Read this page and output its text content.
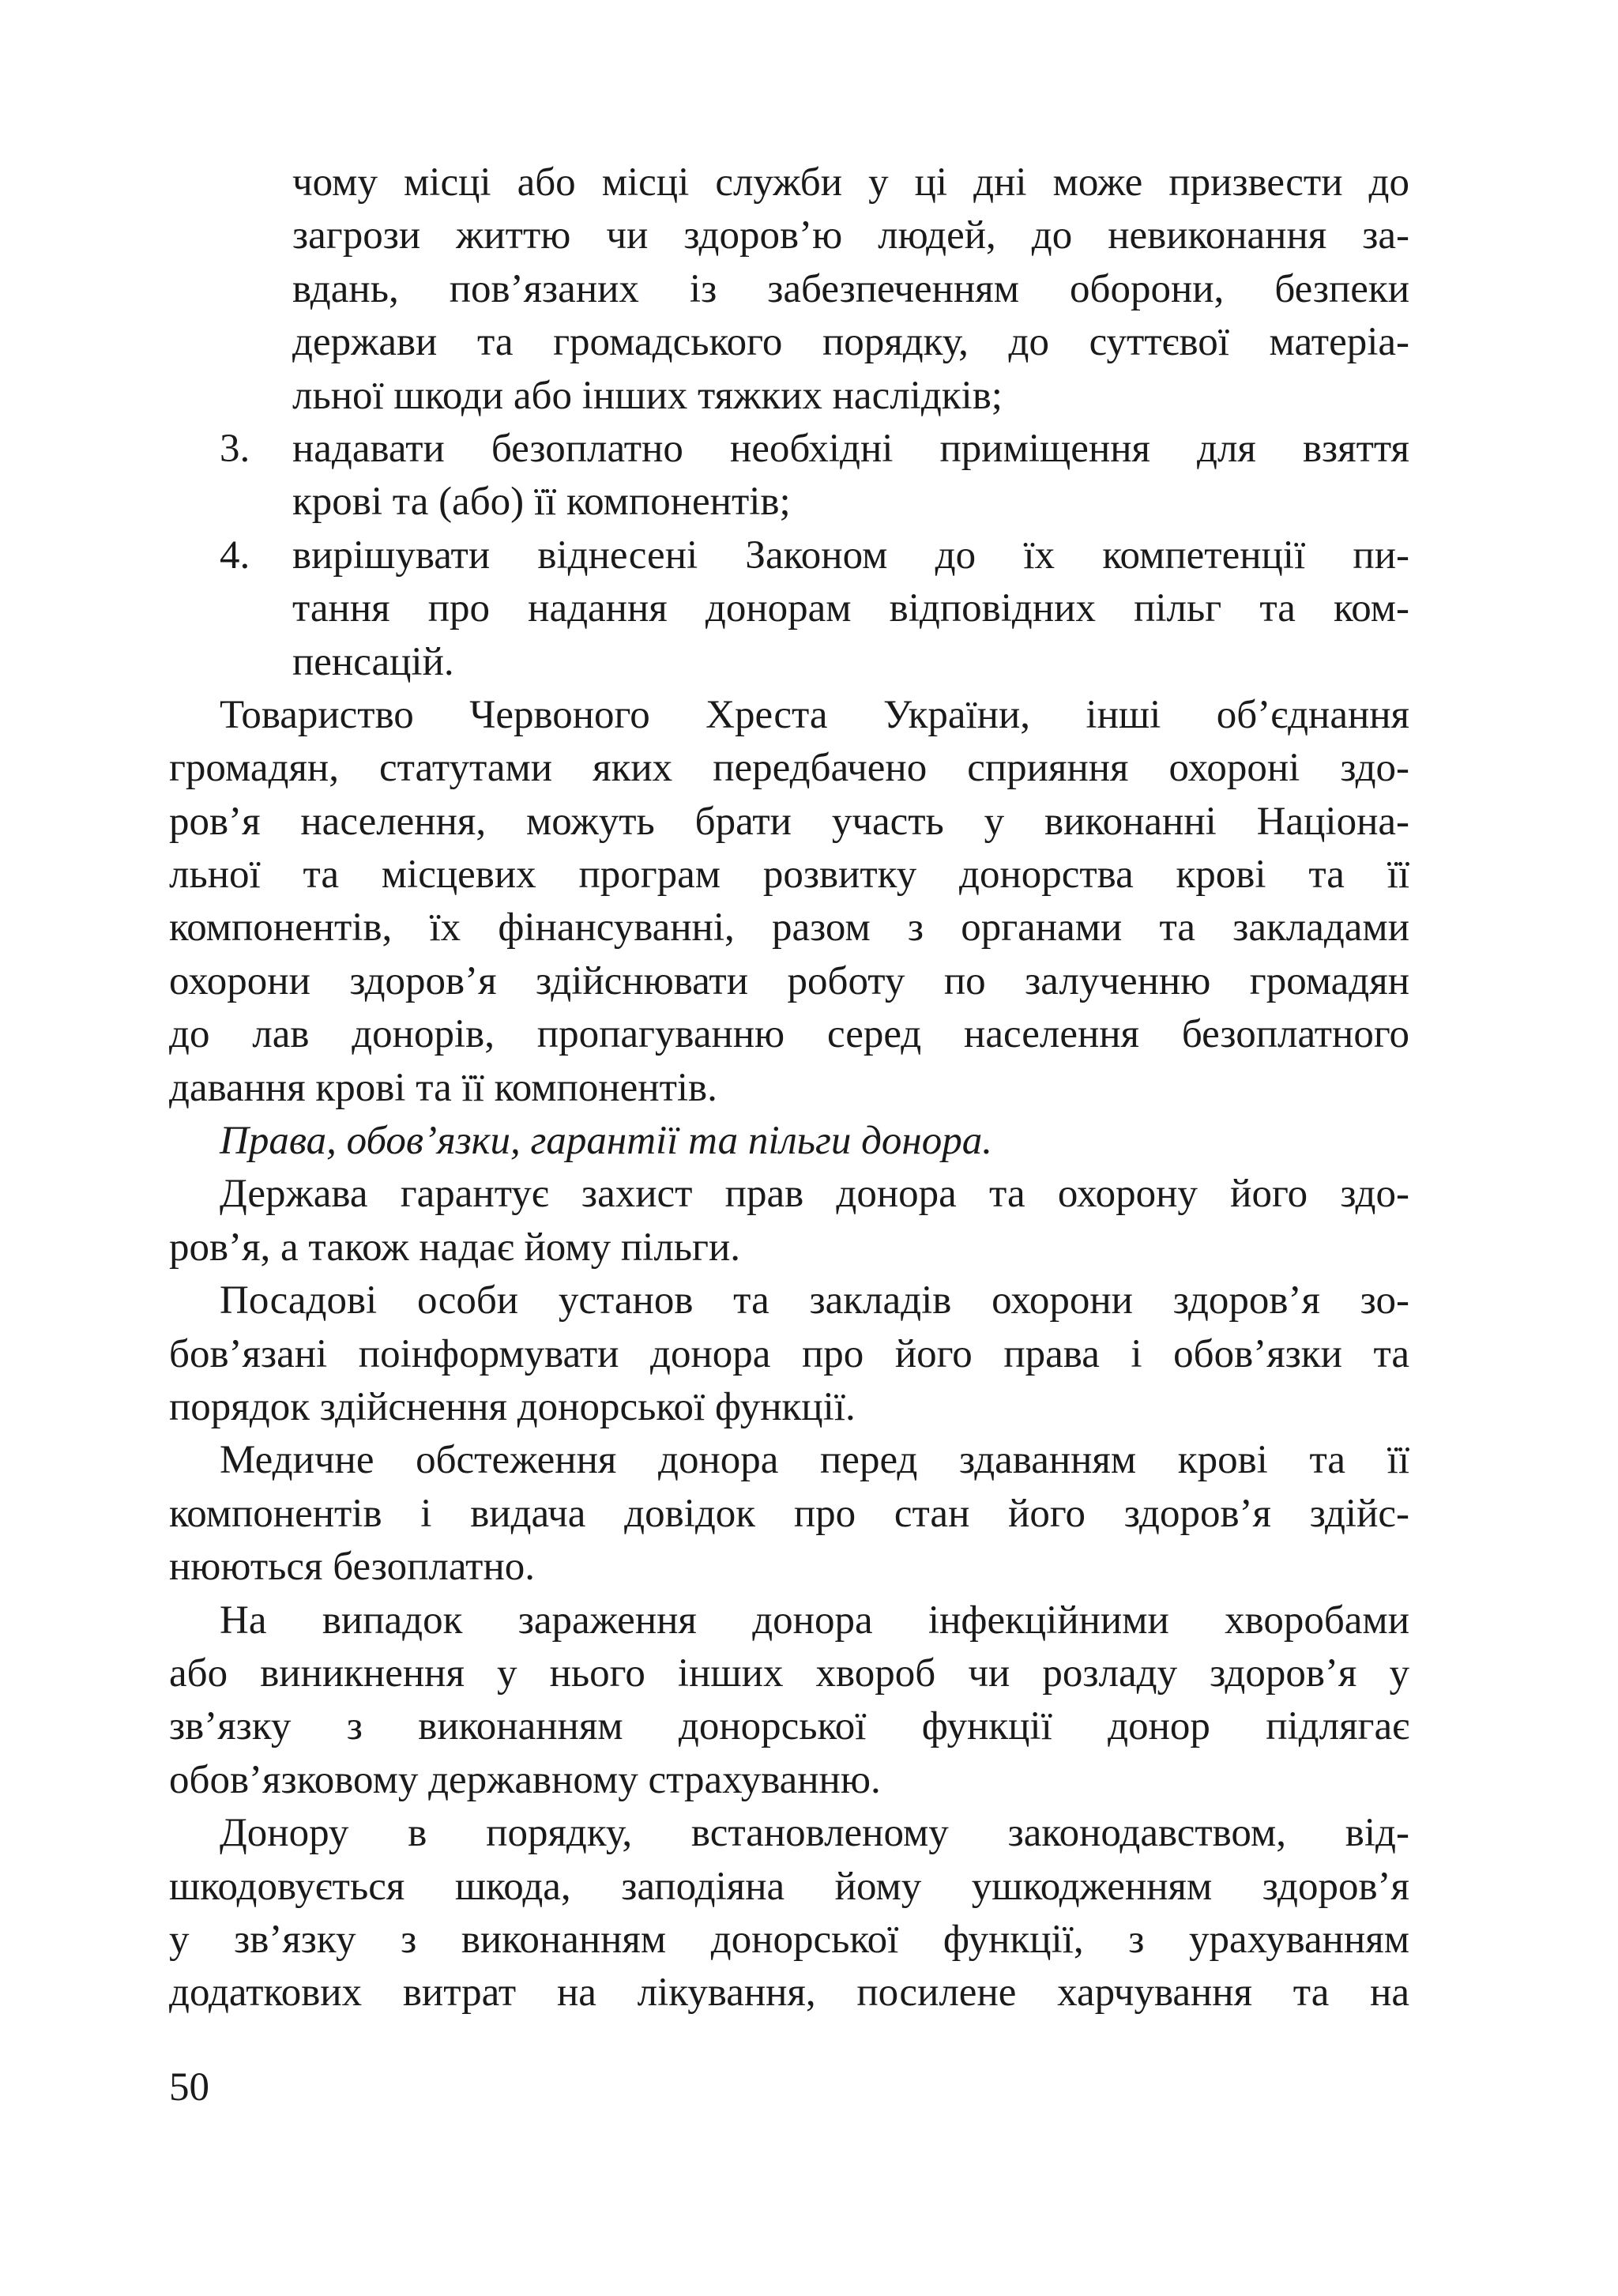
чому місці або місці служби у ці дні може призвести до
загрози життю чи здоров’ю людей, до невиконання за-
вдань, пов’язаних із забезпеченням оборони, безпеки
держави та громадського порядку, до суттєвої матеріа-
льної шкоди або інших тяжких наслідків;
3.	надавати безоплатно необхідні приміщення для взяття
крові та (або) її компонентів;
4.	вирішувати віднесені Законом до їх компетенції пи-
тання про надання донорам відповідних пільг та ком-
пенсацій.
Товариство Червоного Хреста України, інші об’єднання
громадян, статутами яких передбачено сприяння охороні здо-
ров’я населення, можуть брати участь у виконанні Націона-
льної та місцевих програм розвитку донорства крові та її
компонентів, їх фінансуванні, разом з органами та закладами
охорони здоров’я здійснювати роботу по залученню громадян
до лав донорів, пропагуванню серед населення безоплатного
давання крові та її компонентів.
Права, обов’язки, гарантії та пільги донора.
Держава гарантує захист прав донора та охорону його здо-
ров’я, а також надає йому пільги.
Посадові особи установ та закладів охорони здоров’я зо-
бов’язані поінформувати донора про його права і обов’язки та
порядок здійснення донорської функції.
Медичне обстеження донора перед здаванням крові та її
компонентів і видача довідок про стан його здоров’я здійс-
нюються безоплатно.
На випадок зараження донора інфекційними хворобами
або виникнення у нього інших хвороб чи розладу здоров’я у
зв’язку з виконанням донорської функції донор підлягає
обов’язковому державному страхуванню.
Донору в порядку, встановленому законодавством, від-
шкодовується шкода, заподіяна йому ушкодженням здоров’я
у зв’язку з виконанням донорської функції, з урахуванням
додаткових витрат на лікування, посилене харчування та на
50
